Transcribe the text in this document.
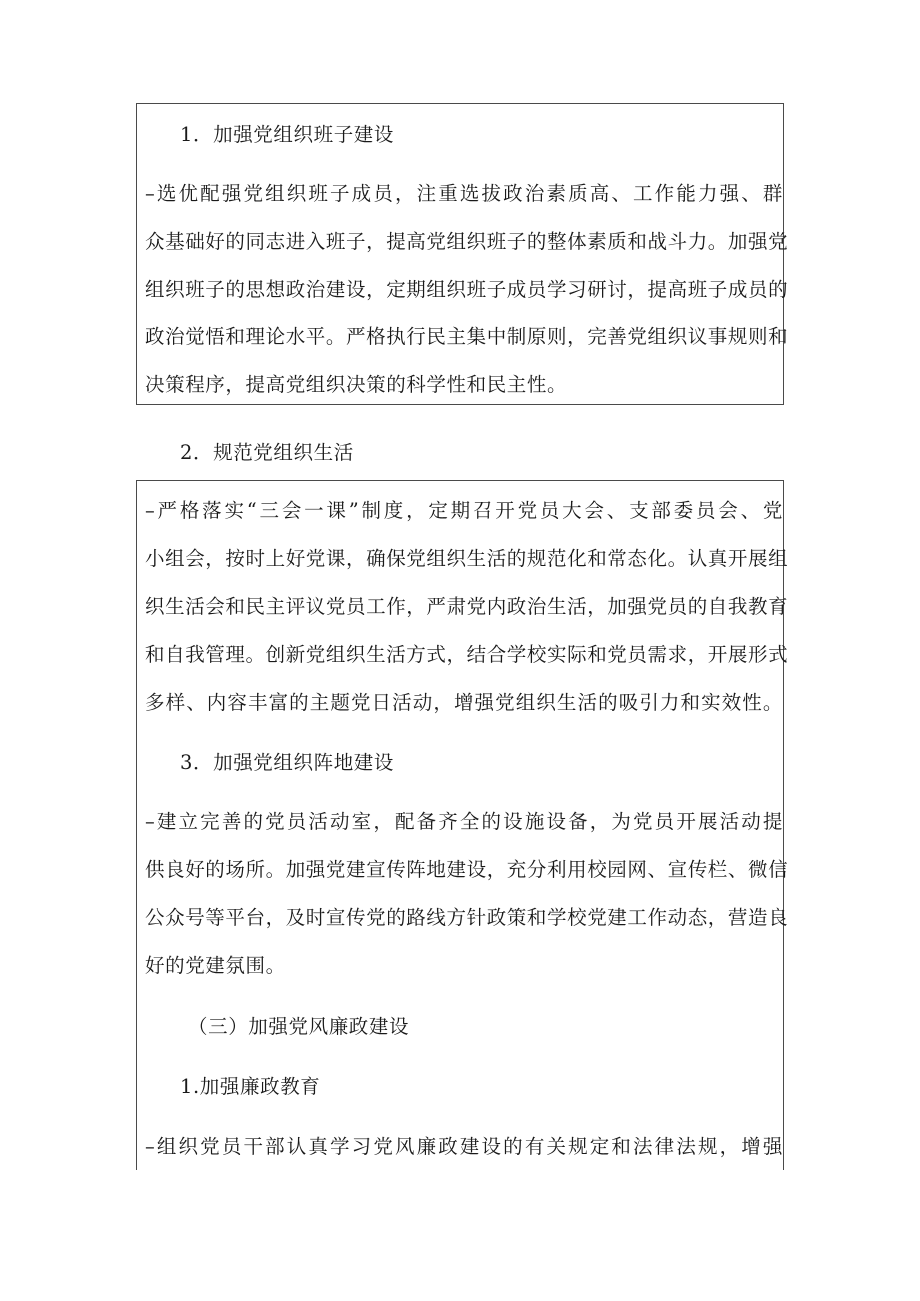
1．加强党组织班子建设
–选优配强党组织班子成员，注重选拔政治素质高、工作能力强、群
众基础好的同志进入班子，提高党组织班子的整体素质和战斗力。加强党
组织班子的思想政治建设，定期组织班子成员学习研讨，提高班子成员的
政治觉悟和理论水平。严格执行民主集中制原则，完善党组织议事规则和
决策程序，提高党组织决策的科学性和民主性。
2．规范党组织生活
–严格落实“三会一课”制度，定期召开党员大会、支部委员会、党
小组会，按时上好党课，确保党组织生活的规范化和常态化。认真开展组
织生活会和民主评议党员工作，严肃党内政治生活，加强党员的自我教育
和自我管理。创新党组织生活方式，结合学校实际和党员需求，开展形式
多样、内容丰富的主题党日活动，增强党组织生活的吸引力和实效性。
3．加强党组织阵地建设
–建立完善的党员活动室，配备齐全的设施设备，为党员开展活动提
供良好的场所。加强党建宣传阵地建设，充分利用校园网、宣传栏、微信
公众号等平台，及时宣传党的路线方针政策和学校党建工作动态，营造良
好的党建氛围。
（三）加强党风廉政建设
1.加强廉政教育
–组织党员干部认真学习党风廉政建设的有关规定和法律法规，增强
